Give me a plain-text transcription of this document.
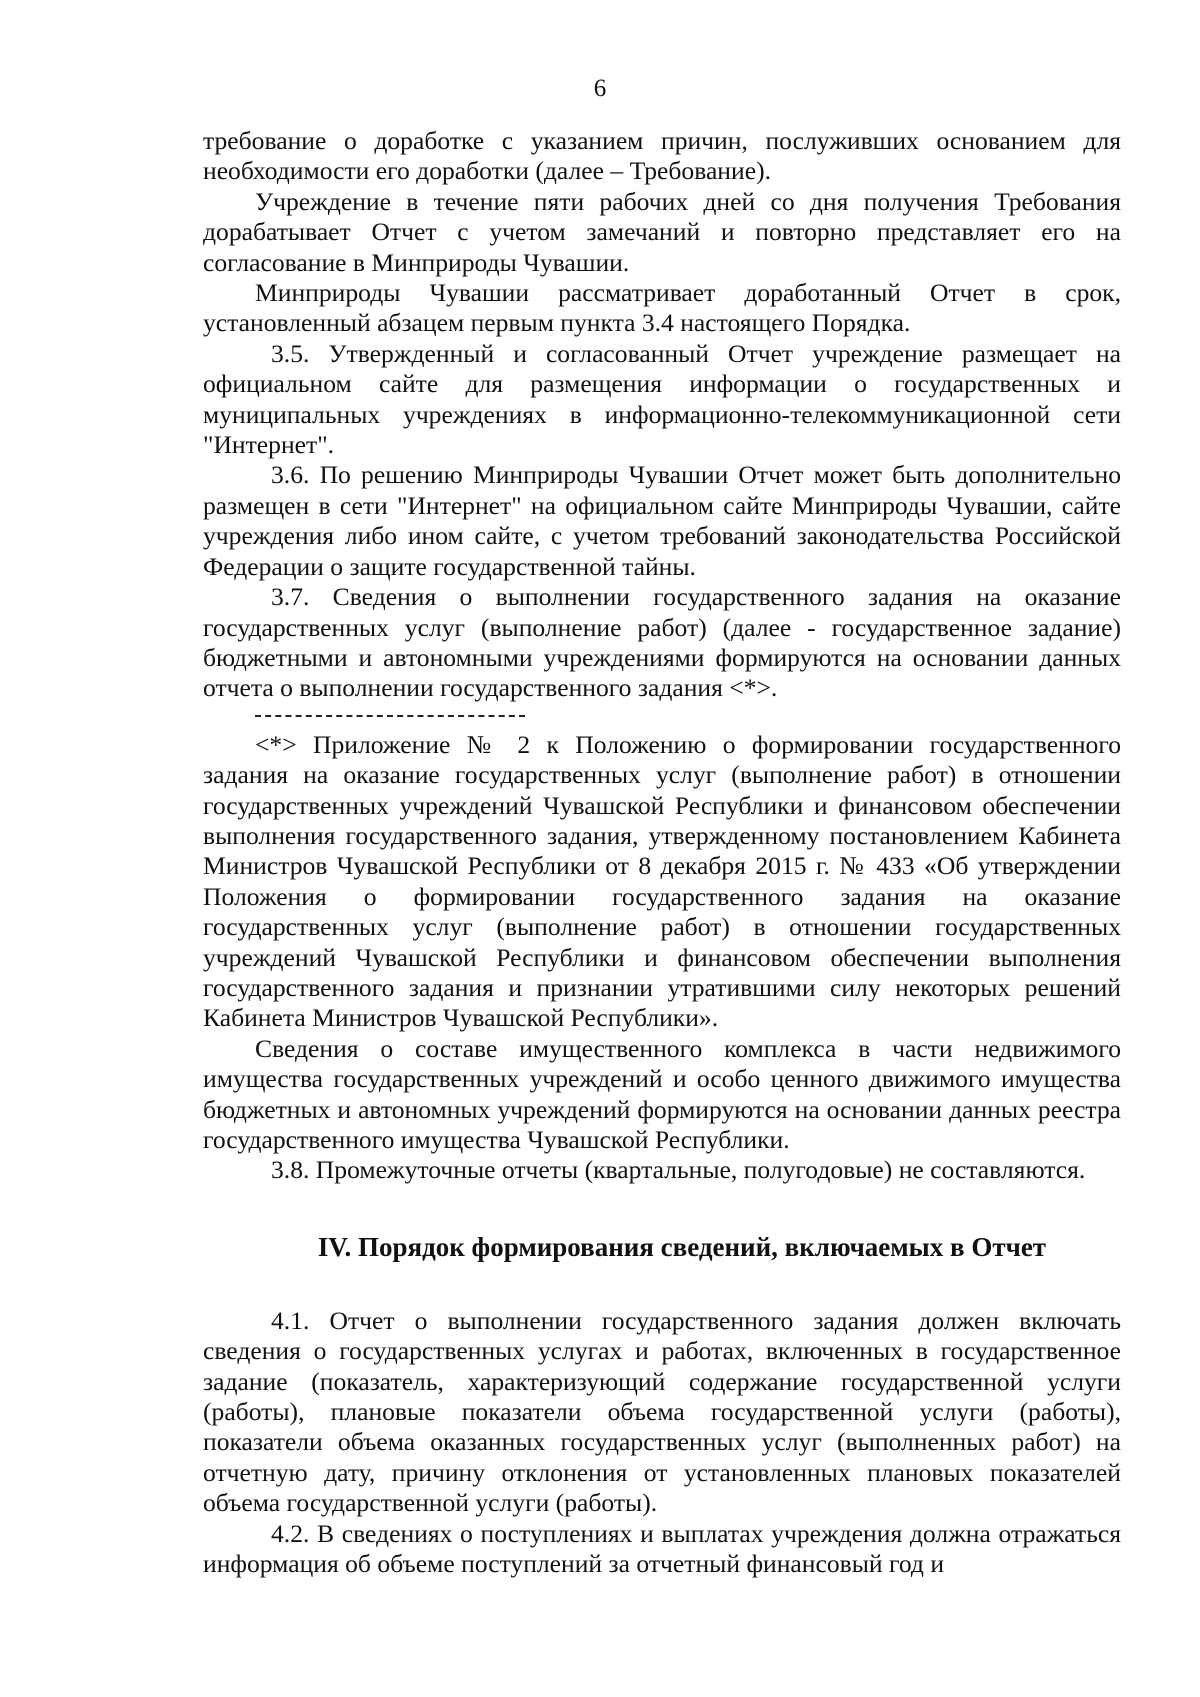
6

требование о доработке с указанием причин, послуживших основанием для необходимости его доработки (далее – Требование).

Учреждение в течение пяти рабочих дней со дня получения Требования дорабатывает Отчет с учетом замечаний и повторно представляет его на согласование в Минприроды Чувашии.

Минприроды Чувашии рассматривает доработанный Отчет в срок, установленный абзацем первым пункта 3.4 настоящего Порядка.

3.5. Утвержденный и согласованный Отчет учреждение размещает на официальном сайте для размещения информации о государственных и муниципальных учреждениях в информационно-телекоммуникационной сети "Интернет".

3.6. По решению Минприроды Чувашии Отчет может быть дополнительно размещен в сети "Интернет" на официальном сайте Минприроды Чувашии, сайте учреждения либо ином сайте, с учетом требований законодательства Российской Федерации о защите государственной тайны.

3.7. Сведения о выполнении государственного задания на оказание государственных услуг (выполнение работ) (далее - государственное задание) бюджетными и автономными учреждениями формируются на основании данных отчета о выполнении государственного задания <*>.

<*> Приложение № 2 к Положению о формировании государственного задания на оказание государственных услуг (выполнение работ) в отношении государственных учреждений Чувашской Республики и финансовом обеспечении выполнения государственного задания, утвержденному постановлением Кабинета Министров Чувашской Республики от 8 декабря 2015 г. № 433 «Об утверждении Положения о формировании государственного задания на оказание государственных услуг (выполнение работ) в отношении государственных учреждений Чувашской Республики и финансовом обеспечении выполнения государственного задания и признании утратившими силу некоторых решений Кабинета Министров Чувашской Республики».

Сведения о составе имущественного комплекса в части недвижимого имущества государственных учреждений и особо ценного движимого имущества бюджетных и автономных учреждений формируются на основании данных реестра государственного имущества Чувашской Республики.

3.8. Промежуточные отчеты (квартальные, полугодовые) не составляются.

IV. Порядок формирования сведений, включаемых в Отчет

4.1. Отчет о выполнении государственного задания должен включать сведения о государственных услугах и работах, включенных в государственное задание (показатель, характеризующий содержание государственной услуги (работы), плановые показатели объема государственной услуги (работы), показатели объема оказанных государственных услуг (выполненных работ) на отчетную дату, причину отклонения от установленных плановых показателей объема государственной услуги (работы).

4.2. В сведениях о поступлениях и выплатах учреждения должна отражаться информация об объеме поступлений за отчетный финансовый год и
